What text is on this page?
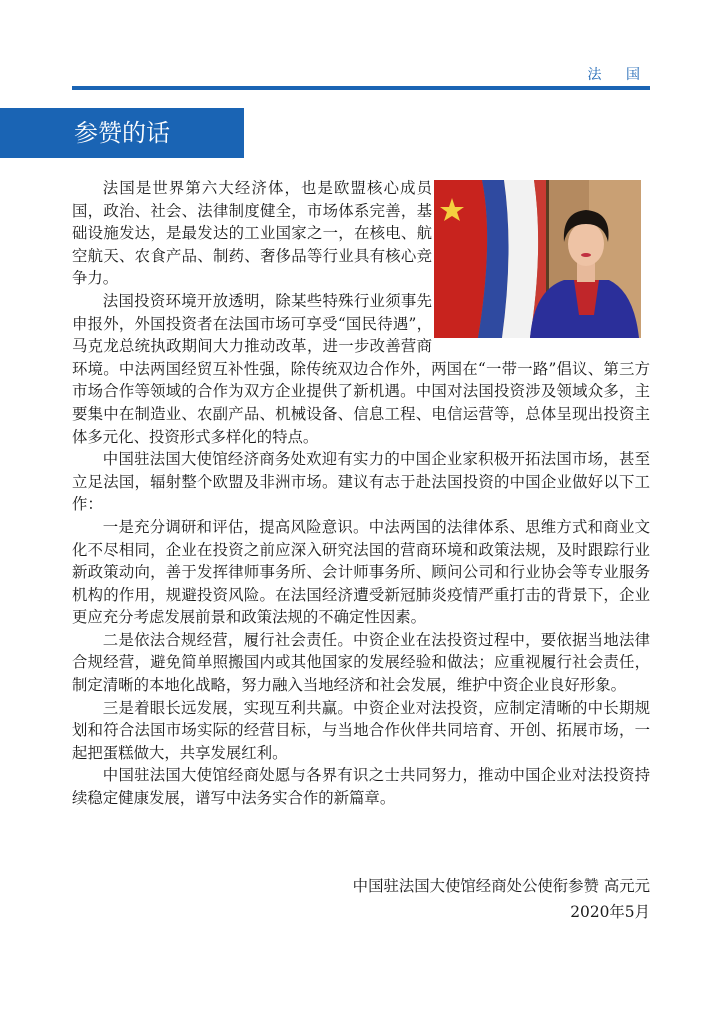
法 国
参赞的话

法国是世界第六大经济体，也是欧盟核心成员国，政治、社会、法律制度健全，市场体系完善，基础设施发达，是最发达的工业国家之一，在核电、航空航天、农食产品、制药、奢侈品等行业具有核心竞争力。

法国投资环境开放透明，除某些特殊行业须事先申报外，外国投资者在法国市场可享受“国民待遇”，马克龙总统执政期间大力推动改革，进一步改善营商环境。中法两国经贸互补性强，除传统双边合作外，两国在“一带一路”倡议、第三方市场合作等领域的合作为双方企业提供了新机遇。中国对法国投资涉及领域众多，主要集中在制造业、农副产品、机械设备、信息工程、电信运营等，总体呈现出投资主体多元化、投资形式多样化的特点。

中国驻法国大使馆经济商务处欢迎有实力的中国企业家积极开拓法国市场，甚至立足法国，辐射整个欧盟及非洲市场。建议有志于赴法国投资的中国企业做好以下工作：

一是充分调研和评估，提高风险意识。中法两国的法律体系、思维方式和商业文化不尽相同，企业在投资之前应深入研究法国的营商环境和政策法规，及时跟踪行业新政策动向，善于发挥律师事务所、会计师事务所、顾问公司和行业协会等专业服务机构的作用，规避投资风险。在法国经济遭受新冠肺炎疫情严重打击的背景下，企业更应充分考虑发展前景和政策法规的不确定性因素。

二是依法合规经营，履行社会责任。中资企业在法投资过程中，要依据当地法律合规经营，避免简单照搬国内或其他国家的发展经验和做法；应重视履行社会责任，制定清晰的本地化战略，努力融入当地经济和社会发展，维护中资企业良好形象。

三是着眼长远发展，实现互利共赢。中资企业对法投资，应制定清晰的中长期规划和符合法国市场实际的经营目标，与当地合作伙伴共同培育、开创、拓展市场，一起把蛋糕做大，共享发展红利。

中国驻法国大使馆经商处愿与各界有识之士共同努力，推动中国企业对法投资持续稳定健康发展，谱写中法务实合作的新篇章。

中国驻法国大使馆经商处公使衔参赞 高元元
2020年5月
